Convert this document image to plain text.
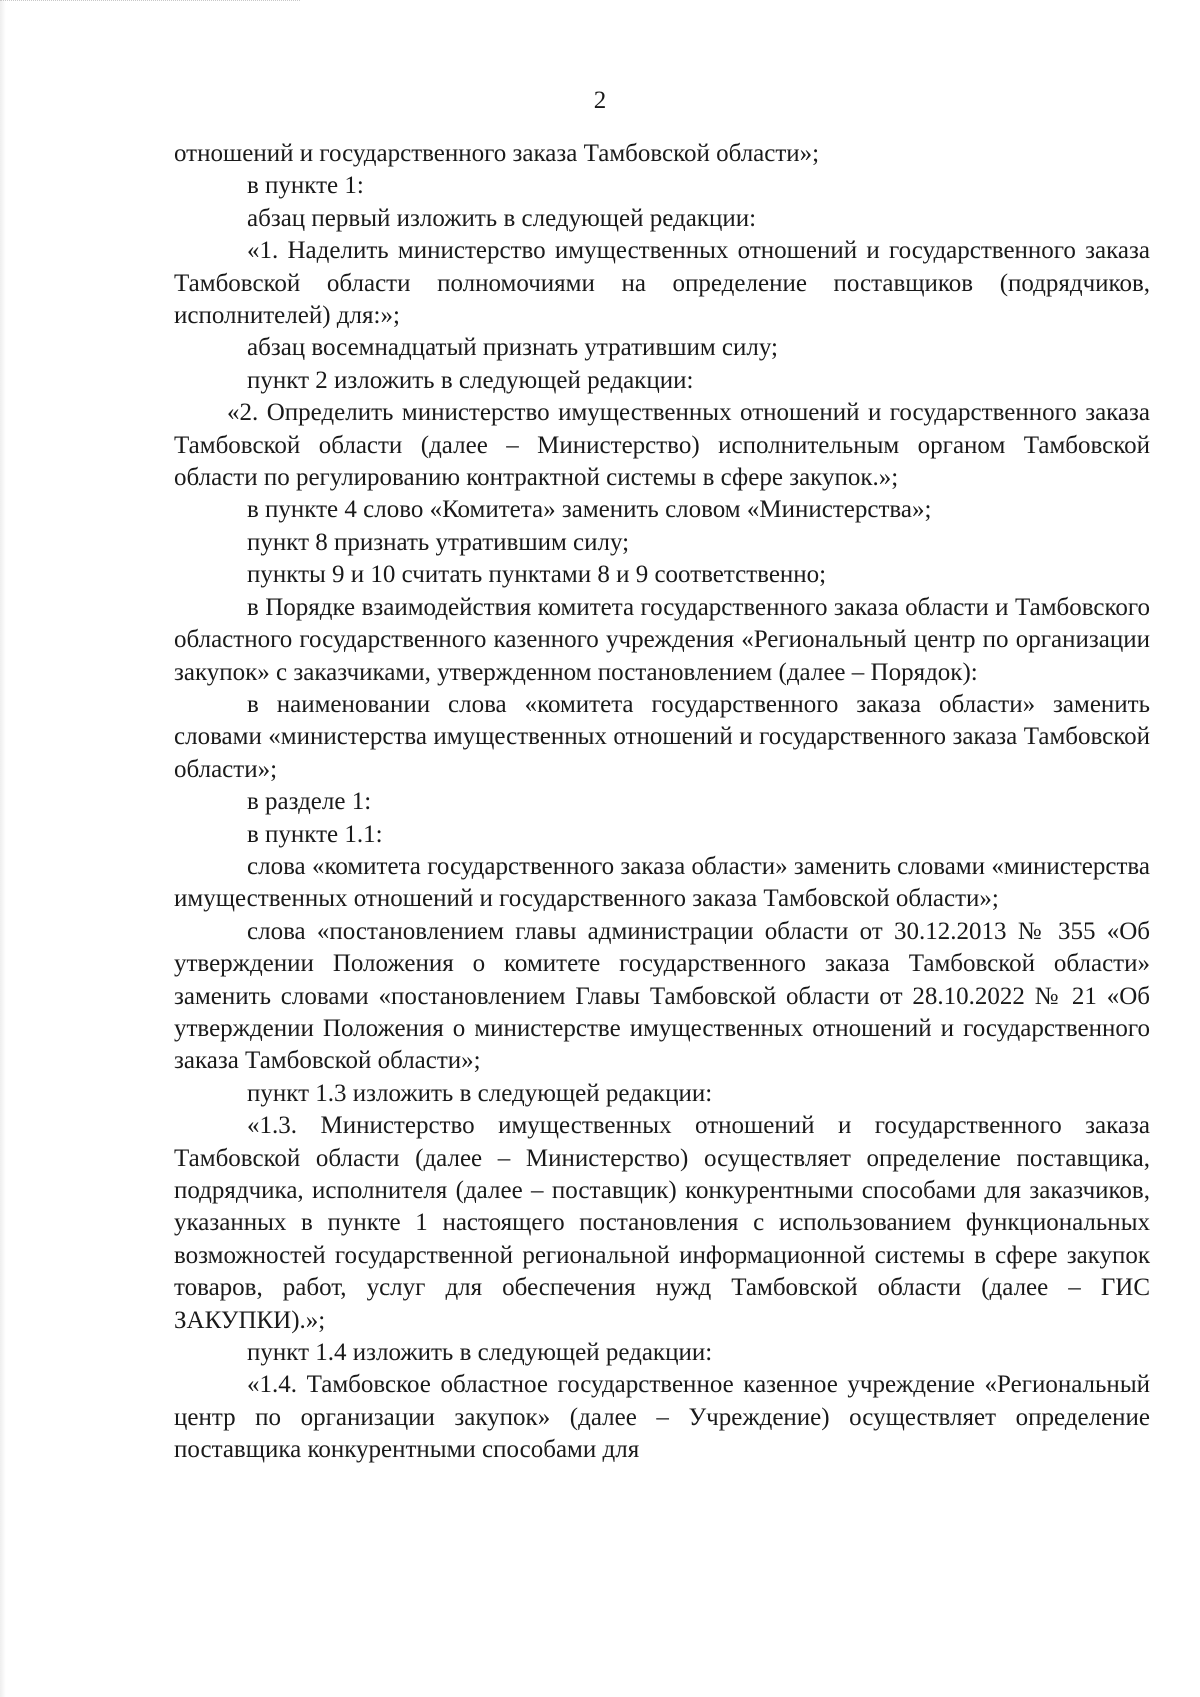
2

отношений и государственного заказа Тамбовской области»;

в пункте 1:

абзац первый изложить в следующей редакции:

«1. Наделить министерство имущественных отношений и государственного заказа Тамбовской области полномочиями на определение поставщиков (подрядчиков, исполнителей) для:»;

абзац восемнадцатый признать утратившим силу;

пункт 2 изложить в следующей редакции:

«2. Определить министерство имущественных отношений и государственного заказа Тамбовской области (далее – Министерство) исполнительным органом Тамбовской области по регулированию контрактной системы в сфере закупок.»;

в пункте 4 слово «Комитета» заменить словом «Министерства»;

пункт 8 признать утратившим силу;

пункты 9 и 10 считать пунктами 8 и 9 соответственно;

в Порядке взаимодействия комитета государственного заказа области и Тамбовского областного государственного казенного учреждения «Региональный центр по организации закупок» с заказчиками, утвержденном постановлением (далее – Порядок):

в наименовании слова «комитета государственного заказа области» заменить словами «министерства имущественных отношений и государственного заказа Тамбовской области»;

в разделе 1:

в пункте 1.1:

слова «комитета государственного заказа области» заменить словами «министерства имущественных отношений и государственного заказа Тамбовской области»;

слова «постановлением главы администрации области от 30.12.2013 № 355 «Об утверждении Положения о комитете государственного заказа Тамбовской области» заменить словами «постановлением Главы Тамбовской области от 28.10.2022 № 21 «Об утверждении Положения о министерстве имущественных отношений и государственного заказа Тамбовской области»;

пункт 1.3 изложить в следующей редакции:

«1.3. Министерство имущественных отношений и государственного заказа Тамбовской области (далее – Министерство) осуществляет определение поставщика, подрядчика, исполнителя (далее – поставщик) конкурентными способами для заказчиков, указанных в пункте 1 настоящего постановления с использованием функциональных возможностей государственной региональной информационной системы в сфере закупок товаров, работ, услуг для обеспечения нужд Тамбовской области (далее – ГИС ЗАКУПКИ).»;

пункт 1.4 изложить в следующей редакции:

«1.4. Тамбовское областное государственное казенное учреждение «Региональный центр по организации закупок» (далее – Учреждение) осуществляет определение поставщика конкурентными способами для
